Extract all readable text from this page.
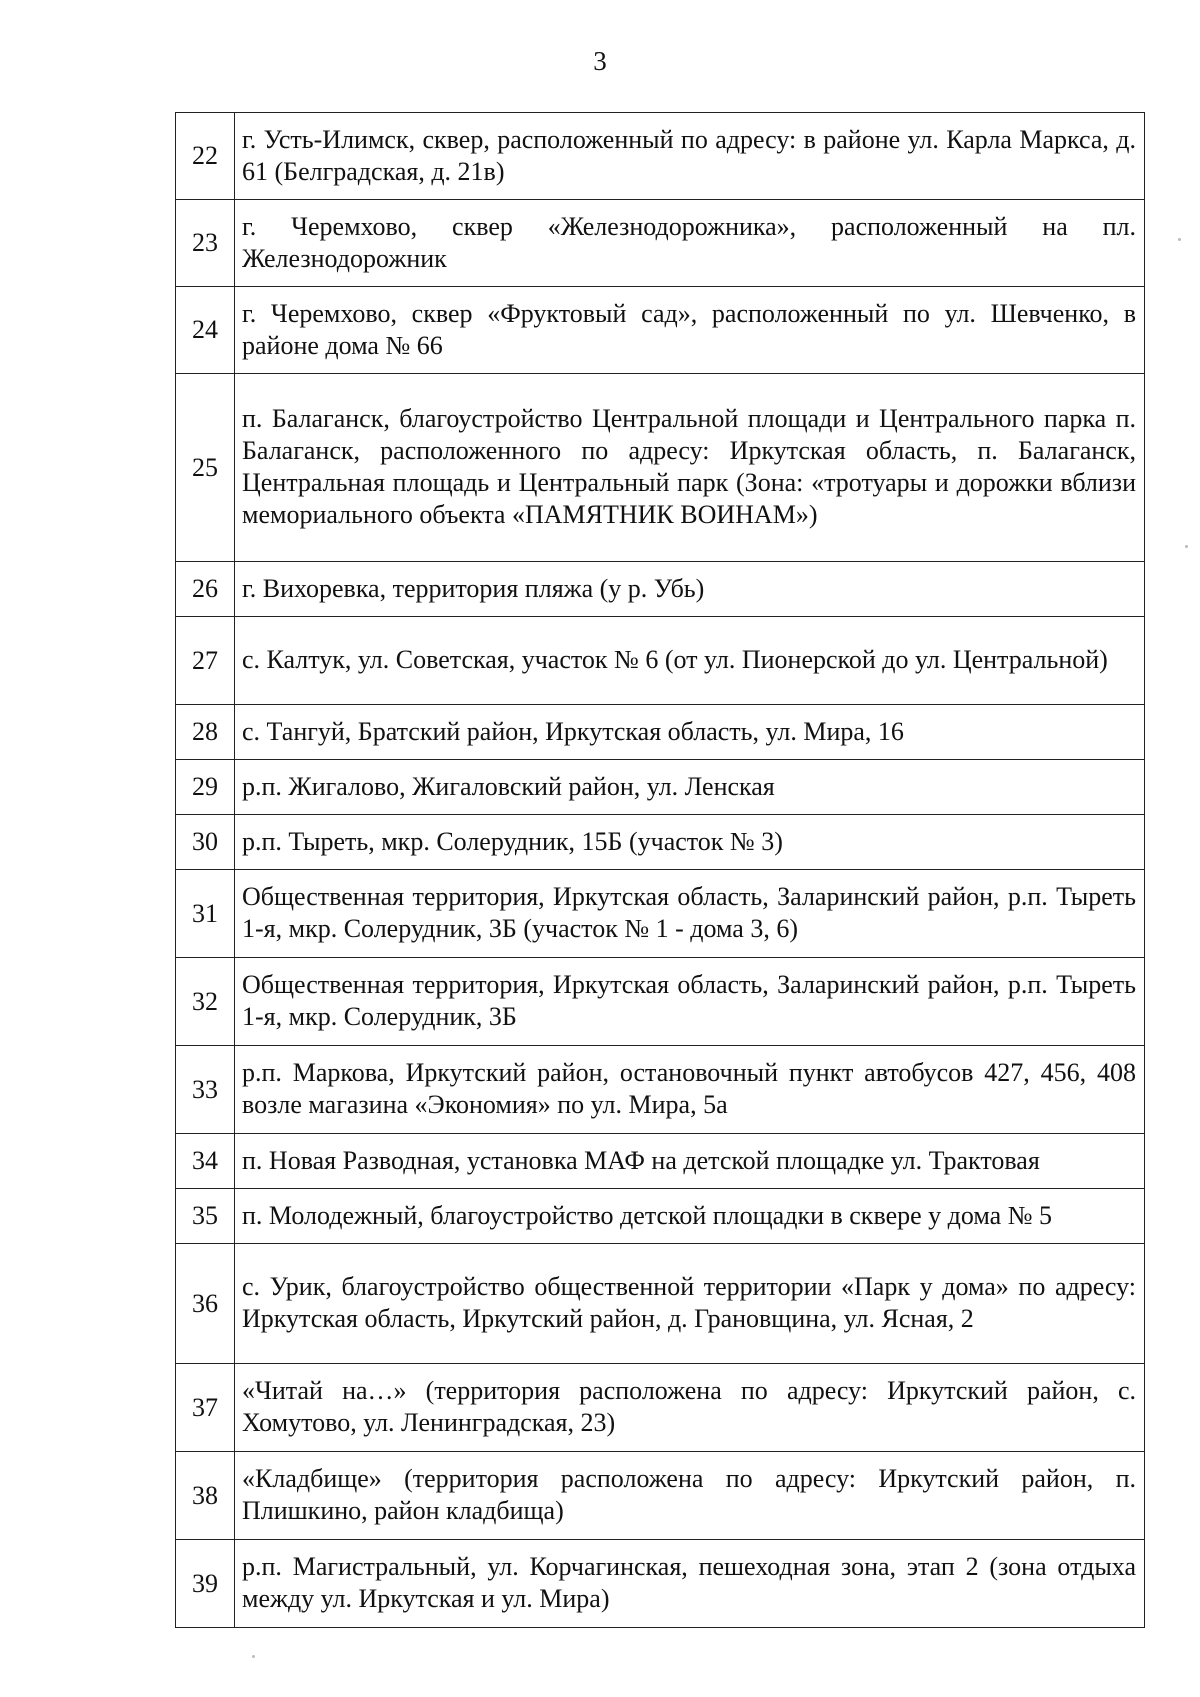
3
22	г. Усть-Илимск, сквер, расположенный по адресу: в районе ул. Карла Маркса, д. 61 (Белградская, д. 21в)
23	г. Черемхово, сквер «Железнодорожника», расположенный на пл. Железнодорожник
24	г. Черемхово, сквер «Фруктовый сад», расположенный по ул. Шевченко, в районе дома № 66
25	п. Балаганск, благоустройство Центральной площади и Центрального парка п. Балаганск, расположенного по адресу: Иркутская область, п. Балаганск, Центральная площадь и Центральный парк (Зона: «тротуары и дорожки вблизи мемориального объекта «ПАМЯТНИК ВОИНАМ»)
26	г. Вихоревка, территория пляжа (у р. Убь)
27	с. Калтук, ул. Советская, участок № 6 (от ул. Пионерской до ул. Центральной)
28	с. Тангуй, Братский район, Иркутская область, ул. Мира, 16
29	р.п. Жигалово, Жигаловский район, ул. Ленская
30	р.п. Тыреть, мкр. Солерудник, 15Б (участок № 3)
31	Общественная территория, Иркутская область, Заларинский район, р.п. Тыреть 1-я, мкр. Солерудник, 3Б (участок № 1 - дома 3, 6)
32	Общественная территория, Иркутская область, Заларинский район, р.п. Тыреть 1-я, мкр. Солерудник, 3Б
33	р.п. Маркова, Иркутский район, остановочный пункт автобусов 427, 456, 408 возле магазина «Экономия» по ул. Мира, 5а
34	п. Новая Разводная, установка МАФ на детской площадке ул. Трактовая
35	п. Молодежный, благоустройство детской площадки в сквере у дома № 5
36	с. Урик, благоустройство общественной территории «Парк у дома» по адресу: Иркутская область, Иркутский район, д. Грановщина, ул. Ясная, 2
37	«Читай на…» (территория расположена по адресу: Иркутский район, с. Хомутово, ул. Ленинградская, 23)
38	«Кладбище» (территория расположена по адресу: Иркутский район, п. Плишкино, район кладбища)
39	р.п. Магистральный, ул. Корчагинская, пешеходная зона, этап 2 (зона отдыха между ул. Иркутская и ул. Мира)
